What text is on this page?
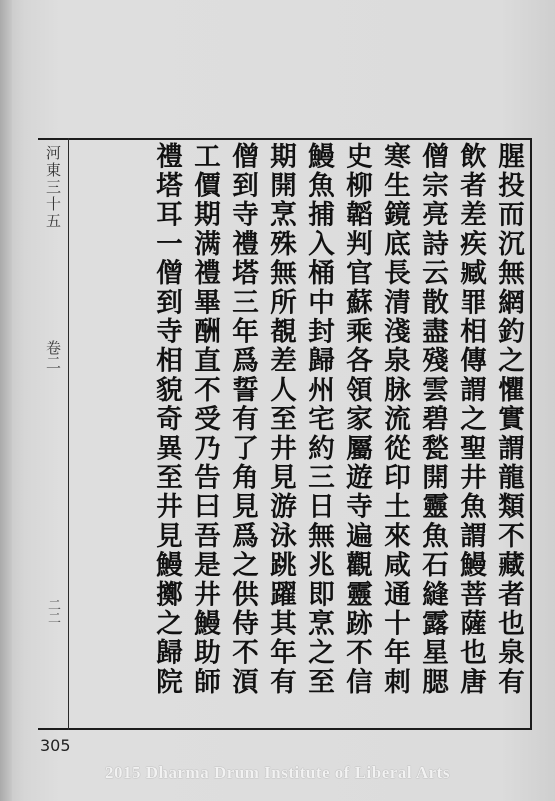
河東三十五
卷二
二二	腥投而沉無網釣之懼實謂龍類不藏者也泉有
飲者差疾臧罪相傳謂之聖井魚謂鰻菩薩也唐
僧宗亮詩云散盡殘雲碧甃開靈魚石縫露星腮
寒生鏡底長清淺泉脉流從印土來咸通十年刺
史柳韜判官蘇乘各領家屬遊寺遍觀靈跡不信
鰻魚捕入桶中封歸州宅約三日無兆即烹之至
期開烹殊無所覩差人至井見游泳跳躍其年有
僧到寺禮塔三年爲誓有了角見爲之供侍不湏
工價期满禮畢酬直不受乃告曰吾是井鰻助師
禮塔耳一僧到寺相貌奇異至井見鰻擲之歸院
305
2015 Dharma Drum Institute of Liberal Arts
